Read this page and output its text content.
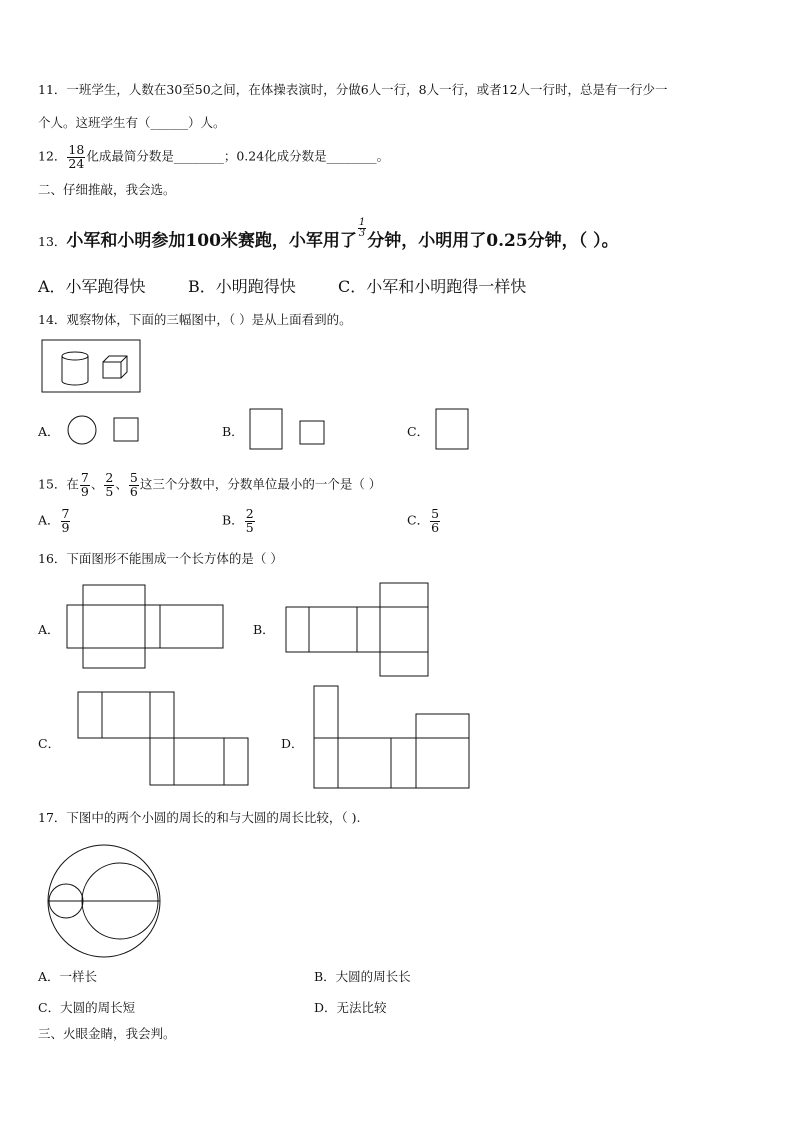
11．一班学生，人数在30至50之间，在体操表演时，分做6人一行，8人一行，或者12人一行时，总是有一行少一
个人。这班学生有（______）人。
12． $\frac{18}{24}$ 化成最简分数是________；0.24化成分数是________。
二、仔细推敲，我会选。
13．小军和小明参加100米赛跑，小军用了
$\frac{1}{3}$
分钟，小明用了0.25分钟，（ ）。
A．小军跑得快	B．小明跑得快	C．小军和小明跑得一样快
14．观察物体，下面的三幅图中，（ ）是从上面看到的。
A．	B．	C．
15．在 $\frac{7}{9}$ 、 $\frac{2}{5}$ 、 $\frac{5}{6}$ 这三个分数中，分数单位最小的一个是（ ）
A． $\frac{7}{9}$	B． $\frac{2}{5}$	C． $\frac{5}{6}$
16．下面图形不能围成一个长方体的是（ ）
A．	B．
C．	D．
17．下图中的两个小圆的周长的和与大圆的周长比较，（ ).
A．一样长	B．大圆的周长长
C．大圆的周长短	D．无法比较
三、火眼金睛，我会判。
